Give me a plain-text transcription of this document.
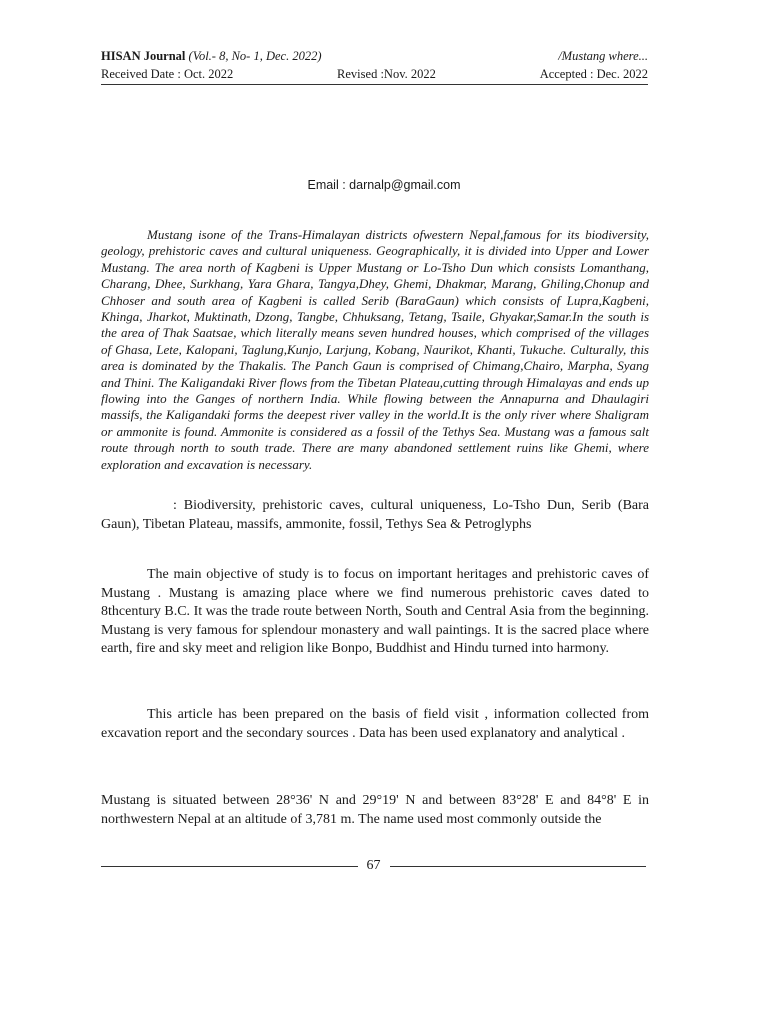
HISAN Journal (Vol.- 8, No- 1, Dec. 2022)	/Mustang where...
Received Date : Oct. 2022	Revised :Nov. 2022	Accepted : Dec. 2022
Email : darnalp@gmail.com

Mustang isone of the Trans-Himalayan districts ofwestern Nepal,famous for its biodiversity, geology, prehistoric caves and cultural uniqueness. Geographically, it is divided into Upper and Lower Mustang. The area north of Kagbeni is Upper Mustang or Lo-Tsho Dun which consists Lomanthang, Charang, Dhee, Surkhang, Yara Ghara, Tangya,Dhey, Ghemi, Dhakmar, Marang, Ghiling,Chonup and Chhoser and south area of Kagbeni is called Serib (BaraGaun) which consists of Lupra,Kagbeni, Khinga, Jharkot, Muktinath, Dzong, Tangbe, Chhuksang, Tetang, Tsaile, Ghyakar,Samar.In the south is the area of Thak Saatsae, which literally means seven hundred houses, which comprised of the villages of Ghasa, Lete, Kalopani, Taglung,Kunjo, Larjung, Kobang, Naurikot, Khanti, Tukuche. Culturally, this area is dominated by the Thakalis. The Panch Gaun is comprised of Chimang,Chairo, Marpha, Syang and Thini. The Kaligandaki River flows from the Tibetan Plateau,cutting through Himalayas and ends up flowing into the Ganges of northern India. While flowing between the Annapurna and Dhaulagiri massifs, the Kaligandaki forms the deepest river valley in the world.It is the only river where Shaligram or ammonite is found. Ammonite is considered as a fossil of the Tethys Sea. Mustang was a famous salt route through north to south trade. There are many abandoned settlement ruins like Ghemi, where exploration and excavation is necessary.

: Biodiversity, prehistoric caves, cultural uniqueness, Lo-Tsho Dun, Serib (Bara Gaun), Tibetan Plateau, massifs, ammonite, fossil, Tethys Sea & Petroglyphs

The main objective of study is to focus on important heritages and prehistoric caves of Mustang . Mustang is amazing place where we find numerous prehistoric caves dated to 8thcentury B.C. It was the trade route between North, South and Central Asia from the beginning. Mustang is very famous for splendour monastery and wall paintings. It is the sacred place where earth, fire and sky meet and religion like Bonpo, Buddhist and Hindu turned into harmony.

This article has been prepared on the basis of field visit , information collected from excavation report and the secondary sources . Data has been used explanatory and analytical .

Mustang is situated between 28°36' N and 29°19' N and between 83°28' E and 84°8' E in northwestern Nepal at an altitude of 3,781 m. The name used most commonly outside the

67
